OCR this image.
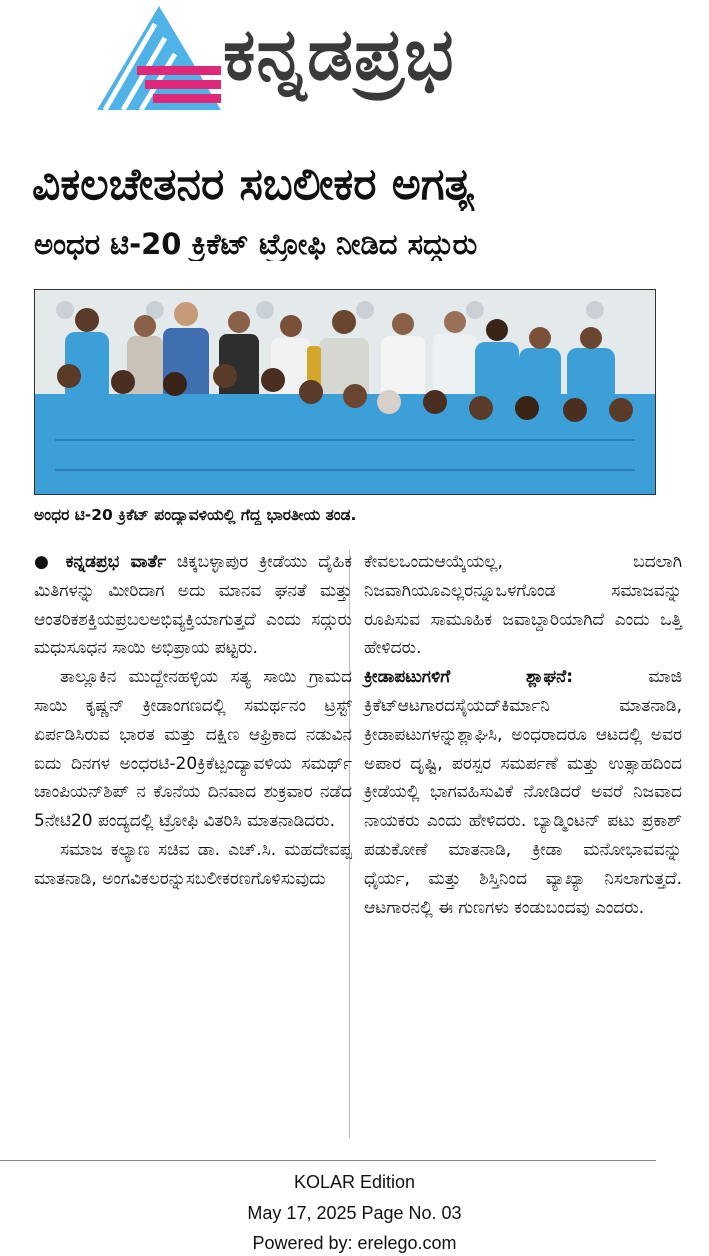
ಕನ್ನಡಪ್ರಭ
ವಿಕಲಚೇತನರ ಸಬಲೀಕರ ಅಗತ್ಯ
ಅಂಧರ ಟಿ-20 ಕ್ರಿಕೆಟ್ ಟ್ರೋಫಿ ನೀಡಿದ ಸದ್ಗುರು
ಅಂಧರ ಟಿ-20 ಕ್ರಿಕೆಟ್ ಪಂದ್ಯಾವಳಿಯಲ್ಲಿ ಗೆದ್ದ ಭಾರತೀಯ ತಂಡ.

● ಕನ್ನಡಪ್ರಭ ವಾರ್ತೆ ಚಿಕ್ಕಬಳ್ಳಾಪುರ ಕ್ರೀಡೆಯು ದೈಹಿಕ ಮಿತಿಗಳನ್ನು ಮೀರಿದಾಗ ಅದು ಮಾನವ ಘನತೆ ಮತ್ತು ಆಂತರಿಕಶಕ್ತಿಯಪ್ರಬಲಅಭಿವ್ಯಕ್ತಿಯಾಗುತ್ತದೆ ಎಂದು ಸದ್ಗುರು ಮಧುಸೂಧನ ಸಾಯಿ ಅಭಿಪ್ರಾಯ ಪಟ್ಟರು.

ತಾಲ್ಲೂಕಿನ ಮುದ್ದೇನಹಳ್ಳಿಯ ಸತ್ಯ ಸಾಯಿ ಗ್ರಾಮದ ಸಾಯಿ ಕೃಷ್ಣನ್ ಕ್ರೀಡಾಂಗಣದಲ್ಲಿ ಸಮರ್ಥನಂ ಟ್ರಸ್ಟ್ ಏರ್ಪಡಿಸಿರುವ ಭಾರತ ಮತ್ತು ದಕ್ಷಿಣ ಆಫ್ರಿಕಾದ ನಡುವಿನ ಐದು ದಿನಗಳ ಅಂಧರಟಿ-20ಕ್ರಿಕೆಟ್ಪಂದ್ಯಾವಳಿಯ ಸಮರ್ಥ್ ಚಾಂಪಿಯನ್‌ಶಿಪ್ ನ ಕೊನೆಯ ದಿನವಾದ ಶುಕ್ರವಾರ ನಡೆದ 5ನೇಟಿ20 ಪಂದ್ಯದಲ್ಲಿ ಟ್ರೋಫಿ ವಿತರಿಸಿ ಮಾತನಾಡಿದರು.

ಸಮಾಜ ಕಲ್ಯಾಣ ಸಚಿವ ಡಾ. ಎಚ್.ಸಿ. ಮಹದೇವಪ್ಪ ಮಾತನಾಡಿ, ಅಂಗವಿಕಲರನ್ನುಸಬಲೀಕರಣಗೊಳಿಸುವುದು

ಕೇವಲಒಂದುಆಯ್ಕೆಯಲ್ಲ, ಬದಲಾಗಿ ನಿಜವಾಗಿಯೂಎಲ್ಲರನ್ನೂಒಳಗೊಂಡ ಸಮಾಜವನ್ನು ರೂಪಿಸುವ ಸಾಮೂಹಿಕ ಜವಾಬ್ದಾರಿಯಾಗಿದೆ ಎಂದು ಒತ್ತಿ ಹೇಳಿದರು.

ಕ್ರೀಡಾಪಟುಗಳಿಗೆ ಶ್ಲಾಘನೆ: ಮಾಜಿ ಕ್ರಿಕೆಟ್‌ಆಟಗಾರದಸೈಯದ್‌ಕಿರ್ಮಾನಿ ಮಾತನಾಡಿ, ಕ್ರೀಡಾಪಟುಗಳನ್ನುಶ್ಲಾಘಿಸಿ, ಅಂಧರಾದರೂ ಆಟದಲ್ಲಿ ಅವರ ಅಪಾರ ದೃಷ್ಟಿ, ಪರಸ್ಪರ ಸಮರ್ಪಣೆ ಮತ್ತು ಉತ್ಸಾಹದಿಂದ ಕ್ರೀಡೆಯಲ್ಲಿ ಭಾಗವಹಿಸುವಿಕೆ ನೋಡಿದರೆ ಅವರೆ ನಿಜವಾದ ನಾಯಕರು ಎಂದು ಹೇಳಿದರು. ಬ್ಯಾಡ್ಮಿಂಟನ್ ಪಟು ಪ್ರಕಾಶ್ ಪಡುಕೋಣೆ ಮಾತನಾಡಿ, ಕ್ರೀಡಾ ಮನೋಭಾವವನ್ನು ಧೈರ್ಯ, ಮತ್ತು ಶಿಸ್ತಿನಿಂದ ವ್ಯಾಖ್ಯಾ ನಿಸಲಾಗುತ್ತದೆ. ಆಟಗಾರನಲ್ಲಿ ಈ ಗುಣಗಳು ಕಂಡುಬಂದವು ಎಂದರು.

KOLAR Edition
May 17, 2025 Page No. 03
Powered by: erelego.com
